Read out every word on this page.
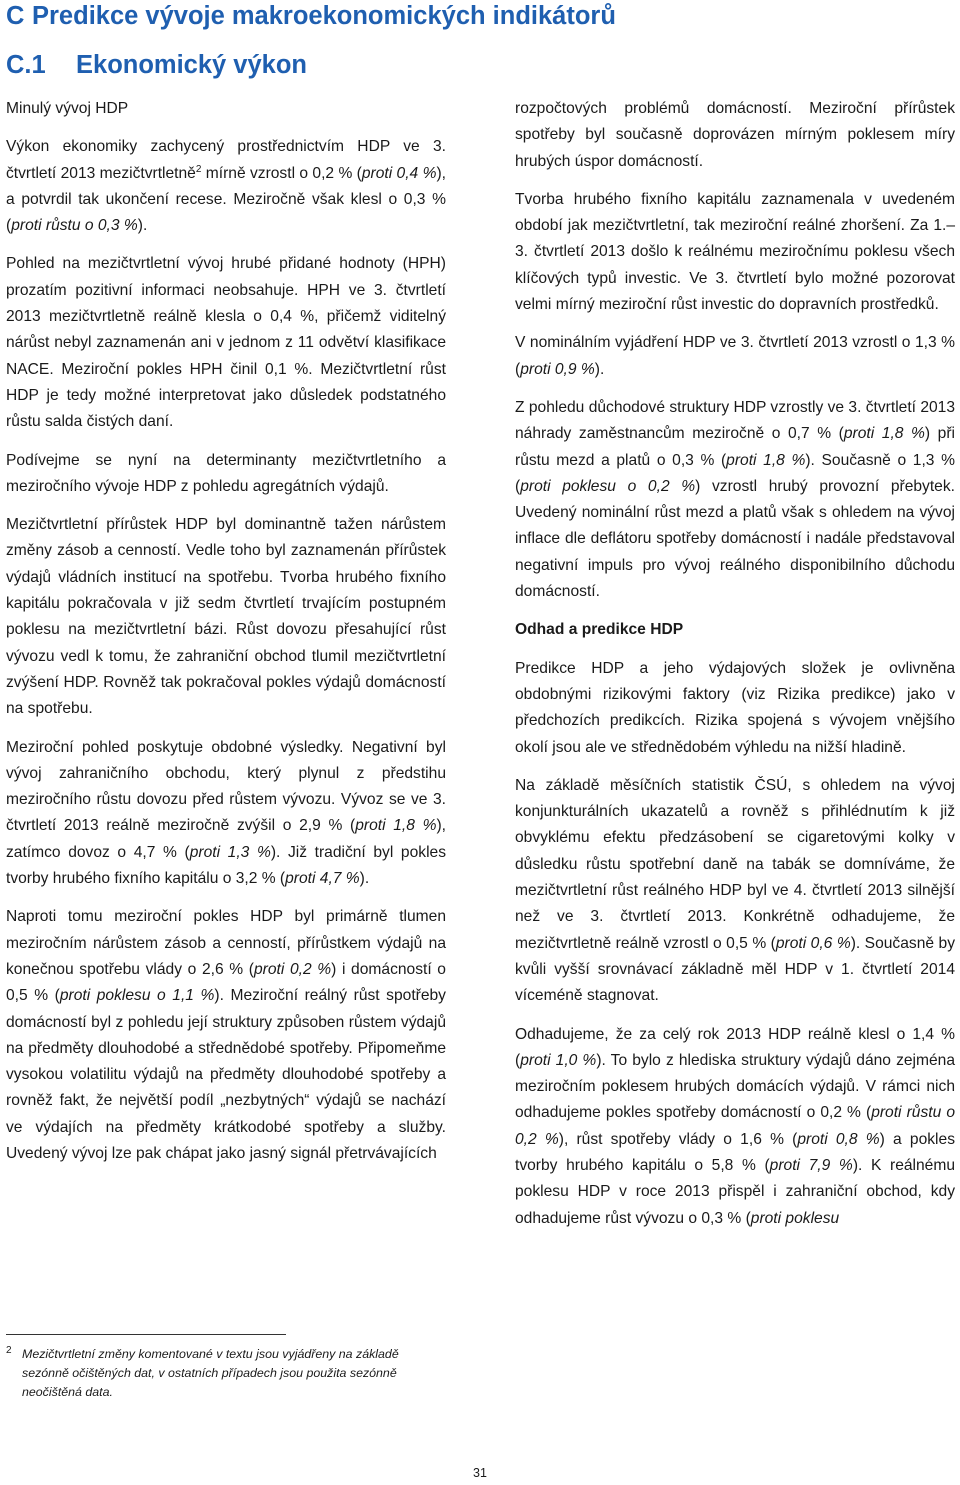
C Predikce vývoje makroekonomických indikátorů
C.1 Ekonomický výkon
Minulý vývoj HDP

Výkon ekonomiky zachycený prostřednictvím HDP ve 3. čtvrtletí 2013 mezičtvrtletně$^2$ mírně vzrostl o 0,2 % (proti 0,4 %), a potvrdil tak ukončení recese. Meziročně však klesl o 0,3 % (proti růstu o 0,3 %).

Pohled na mezičtvrtletní vývoj hrubé přidané hodnoty (HPH) prozatím pozitivní informaci neobsahuje. HPH ve 3. čtvrtletí 2013 mezičtvrtletně reálně klesla o 0,4 %, přičemž viditelný nárůst nebyl zaznamenán ani v jednom z 11 odvětví klasifikace NACE. Meziroční pokles HPH činil 0,1 %. Mezičtvrtletní růst HDP je tedy možné interpretovat jako důsledek podstatného růstu salda čistých daní.

Podívejme se nyní na determinanty mezičtvrtletního a meziročního vývoje HDP z pohledu agregátních výdajů.

Mezičtvrtletní přírůstek HDP byl dominantně tažen nárůstem změny zásob a cenností. Vedle toho byl zaznamenán přírůstek výdajů vládních institucí na spotřebu. Tvorba hrubého fixního kapitálu pokračovala v již sedm čtvrtletí trvajícím postupném poklesu na mezičtvrtletní bázi. Růst dovozu přesahující růst vývozu vedl k tomu, že zahraniční obchod tlumil mezičtvrtletní zvýšení HDP. Rovněž tak pokračoval pokles výdajů domácností na spotřebu.

Meziroční pohled poskytuje obdobné výsledky. Negativní byl vývoj zahraničního obchodu, který plynul z předstihu meziročního růstu dovozu před růstem vývozu. Vývoz se ve 3. čtvrtletí 2013 reálně meziročně zvýšil o 2,9 % (proti 1,8 %), zatímco dovoz o 4,7 % (proti 1,3 %). Již tradiční byl pokles tvorby hrubého fixního kapitálu o 3,2 % (proti 4,7 %).

Naproti tomu meziroční pokles HDP byl primárně tlumen meziročním nárůstem zásob a cenností, přírůstkem výdajů na konečnou spotřebu vlády o 2,6 % (proti 0,2 %) i domácností o 0,5 % (proti poklesu o 1,1 %). Meziroční reálný růst spotřeby domácností byl z pohledu její struktury způsoben růstem výdajů na předměty dlouhodobé a střednědobé spotřeby. Připomeňme vysokou volatilitu výdajů na předměty dlouhodobé spotřeby a rovněž fakt, že největší podíl „nezbytných“ výdajů se nachází ve výdajích na předměty krátkodobé spotřeby a služby. Uvedený vývoj lze pak chápat jako jasný signál přetrvávajících

2 Mezičtvrtletní změny komentované v textu jsou vyjádřeny na základě sezónně očištěných dat, v ostatních případech jsou použita sezónně neočištěná data.

rozpočtových problémů domácností. Meziroční přírůstek spotřeby byl současně doprovázen mírným poklesem míry hrubých úspor domácností.

Tvorba hrubého fixního kapitálu zaznamenala v uvedeném období jak mezičtvrtletní, tak meziroční reálné zhoršení. Za 1.–3. čtvrtletí 2013 došlo k reálnému meziročnímu poklesu všech klíčových typů investic. Ve 3. čtvrtletí bylo možné pozorovat velmi mírný meziroční růst investic do dopravních prostředků.

V nominálním vyjádření HDP ve 3. čtvrtletí 2013 vzrostl o 1,3 % (proti 0,9 %).

Z pohledu důchodové struktury HDP vzrostly ve 3. čtvrtletí 2013 náhrady zaměstnancům meziročně o 0,7 % (proti 1,8 %) při růstu mezd a platů o 0,3 % (proti 1,8 %). Současně o 1,3 % (proti poklesu o 0,2 %) vzrostl hrubý provozní přebytek. Uvedený nominální růst mezd a platů však s ohledem na vývoj inflace dle deflátoru spotřeby domácností i nadále představoval negativní impuls pro vývoj reálného disponibilního důchodu domácností.

Odhad a predikce HDP

Predikce HDP a jeho výdajových složek je ovlivněna obdobnými rizikovými faktory (viz Rizika predikce) jako v předchozích predikcích. Rizika spojená s vývojem vnějšího okolí jsou ale ve střednědobém výhledu na nižší hladině.

Na základě měsíčních statistik ČSÚ, s ohledem na vývoj konjunkturálních ukazatelů a rovněž s přihlédnutím k již obvyklému efektu předzásobení se cigaretovými kolky v důsledku růstu spotřební daně na tabák se domníváme, že mezičtvrtletní růst reálného HDP byl ve 4. čtvrtletí 2013 silnější než ve 3. čtvrtletí 2013. Konkrétně odhadujeme, že mezičtvrtletně reálně vzrostl o 0,5 % (proti 0,6 %). Současně by kvůli vyšší srovnávací základně měl HDP v 1. čtvrtletí 2014 víceméně stagnovat.

Odhadujeme, že za celý rok 2013 HDP reálně klesl o 1,4 % (proti 1,0 %). To bylo z hlediska struktury výdajů dáno zejména meziročním poklesem hrubých domácích výdajů. V rámci nich odhadujeme pokles spotřeby domácností o 0,2 % (proti růstu o 0,2 %), růst spotřeby vlády o 1,6 % (proti 0,8 %) a pokles tvorby hrubého kapitálu o 5,8 % (proti 7,9 %). K reálnému poklesu HDP v roce 2013 přispěl i zahraniční obchod, kdy odhadujeme růst vývozu o 0,3 % (proti poklesu

31
